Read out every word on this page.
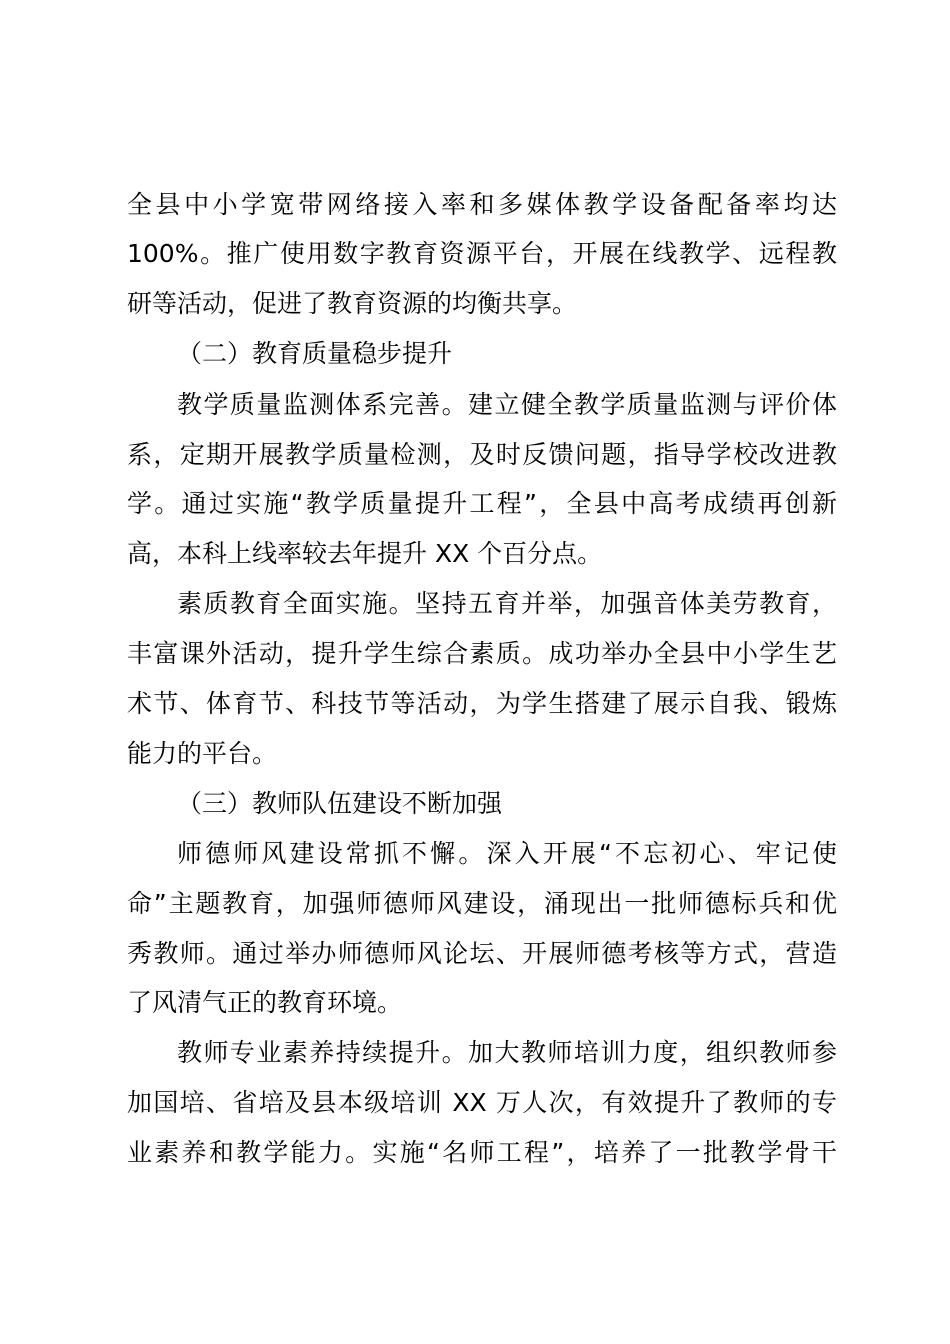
全县中小学宽带网络接入率和多媒体教学设备配备率均达
100%。推广使用数字教育资源平台，开展在线教学、远程教
研等活动，促进了教育资源的均衡共享。
（二）教育质量稳步提升
教学质量监测体系完善。建立健全教学质量监测与评价体
系，定期开展教学质量检测，及时反馈问题，指导学校改进教
学。通过实施“教学质量提升工程”，全县中高考成绩再创新
高，本科上线率较去年提升 XX 个百分点。
素质教育全面实施。坚持五育并举，加强音体美劳教育，
丰富课外活动，提升学生综合素质。成功举办全县中小学生艺
术节、体育节、科技节等活动，为学生搭建了展示自我、锻炼
能力的平台。
（三）教师队伍建设不断加强
师德师风建设常抓不懈。深入开展“不忘初心、牢记使
命”主题教育，加强师德师风建设，涌现出一批师德标兵和优
秀教师。通过举办师德师风论坛、开展师德考核等方式，营造
了风清气正的教育环境。
教师专业素养持续提升。加大教师培训力度，组织教师参
加国培、省培及县本级培训 XX 万人次，有效提升了教师的专
业素养和教学能力。实施“名师工程”，培养了一批教学骨干
